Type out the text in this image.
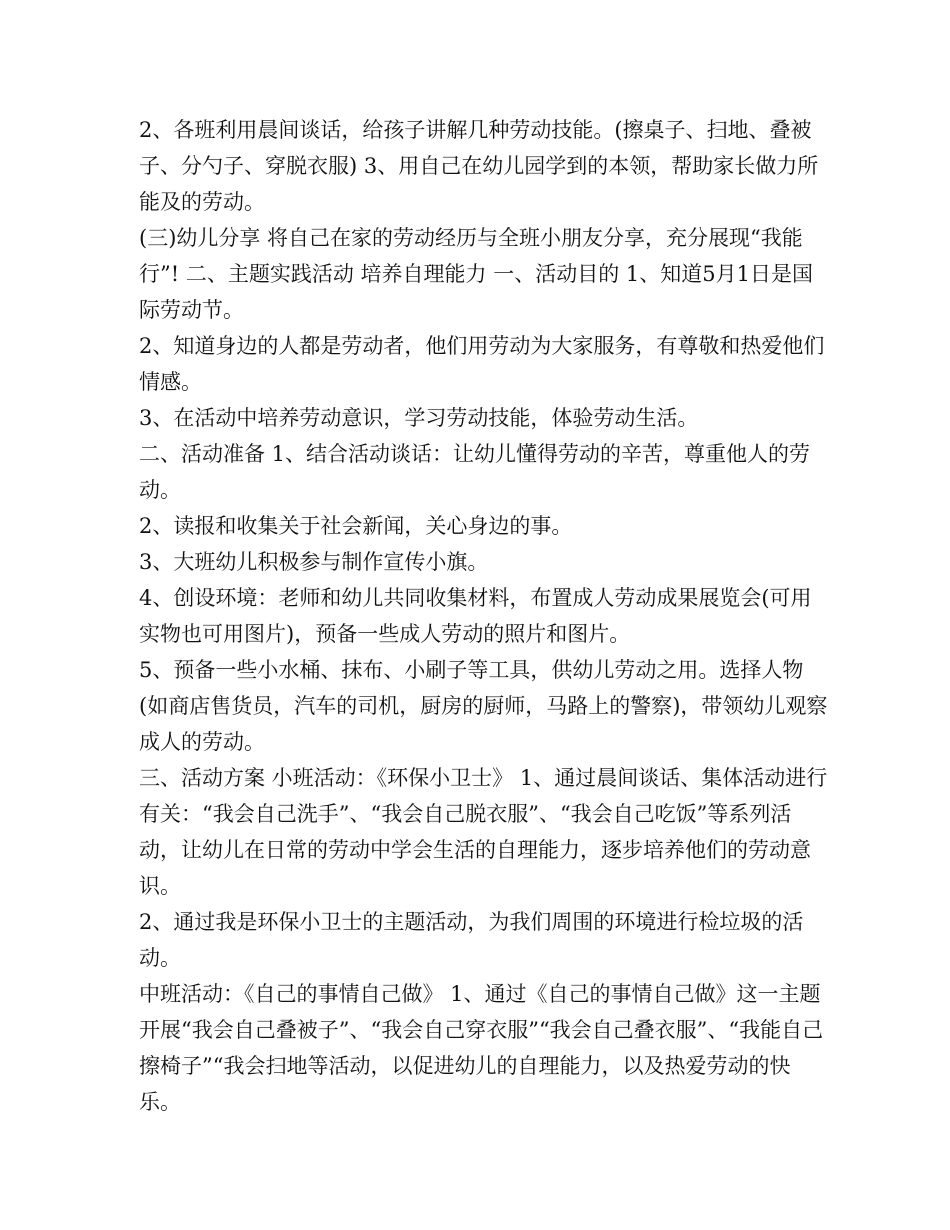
2、各班利用晨间谈话，给孩子讲解几种劳动技能。(擦桌子、扫地、叠被子、分勺子、穿脱衣服) 3、用自己在幼儿园学到的本领，帮助家长做力所能及的劳动。

(三)幼儿分享 将自己在家的劳动经历与全班小朋友分享，充分展现“我能行”! 二、主题实践活动 培养自理能力 一、活动目的 1、知道5月1日是国际劳动节。

2、知道身边的人都是劳动者，他们用劳动为大家服务，有尊敬和热爱他们情感。

3、在活动中培养劳动意识，学习劳动技能，体验劳动生活。

二、活动准备 1、结合活动谈话：让幼儿懂得劳动的辛苦，尊重他人的劳动。

2、读报和收集关于社会新闻，关心身边的事。

3、大班幼儿积极参与制作宣传小旗。

4、创设环境：老师和幼儿共同收集材料，布置成人劳动成果展览会(可用实物也可用图片)，预备一些成人劳动的照片和图片。

5、预备一些小水桶、抹布、小刷子等工具，供幼儿劳动之用。选择人物(如商店售货员，汽车的司机，厨房的厨师，马路上的警察)，带领幼儿观察成人的劳动。

三、活动方案 小班活动：《环保小卫士》 1、通过晨间谈话、集体活动进行有关：“我会自己洗手”、“我会自己脱衣服”、“我会自己吃饭”等系列活动，让幼儿在日常的劳动中学会生活的自理能力，逐步培养他们的劳动意识。

2、通过我是环保小卫士的主题活动，为我们周围的环境进行检垃圾的活动。

中班活动：《自己的事情自己做》 1、通过《自己的事情自己做》这一主题开展“我会自己叠被子”、“我会自己穿衣服”“我会自己叠衣服”、“我能自己擦椅子”“我会扫地等活动，以促进幼儿的自理能力，以及热爱劳动的快乐。
